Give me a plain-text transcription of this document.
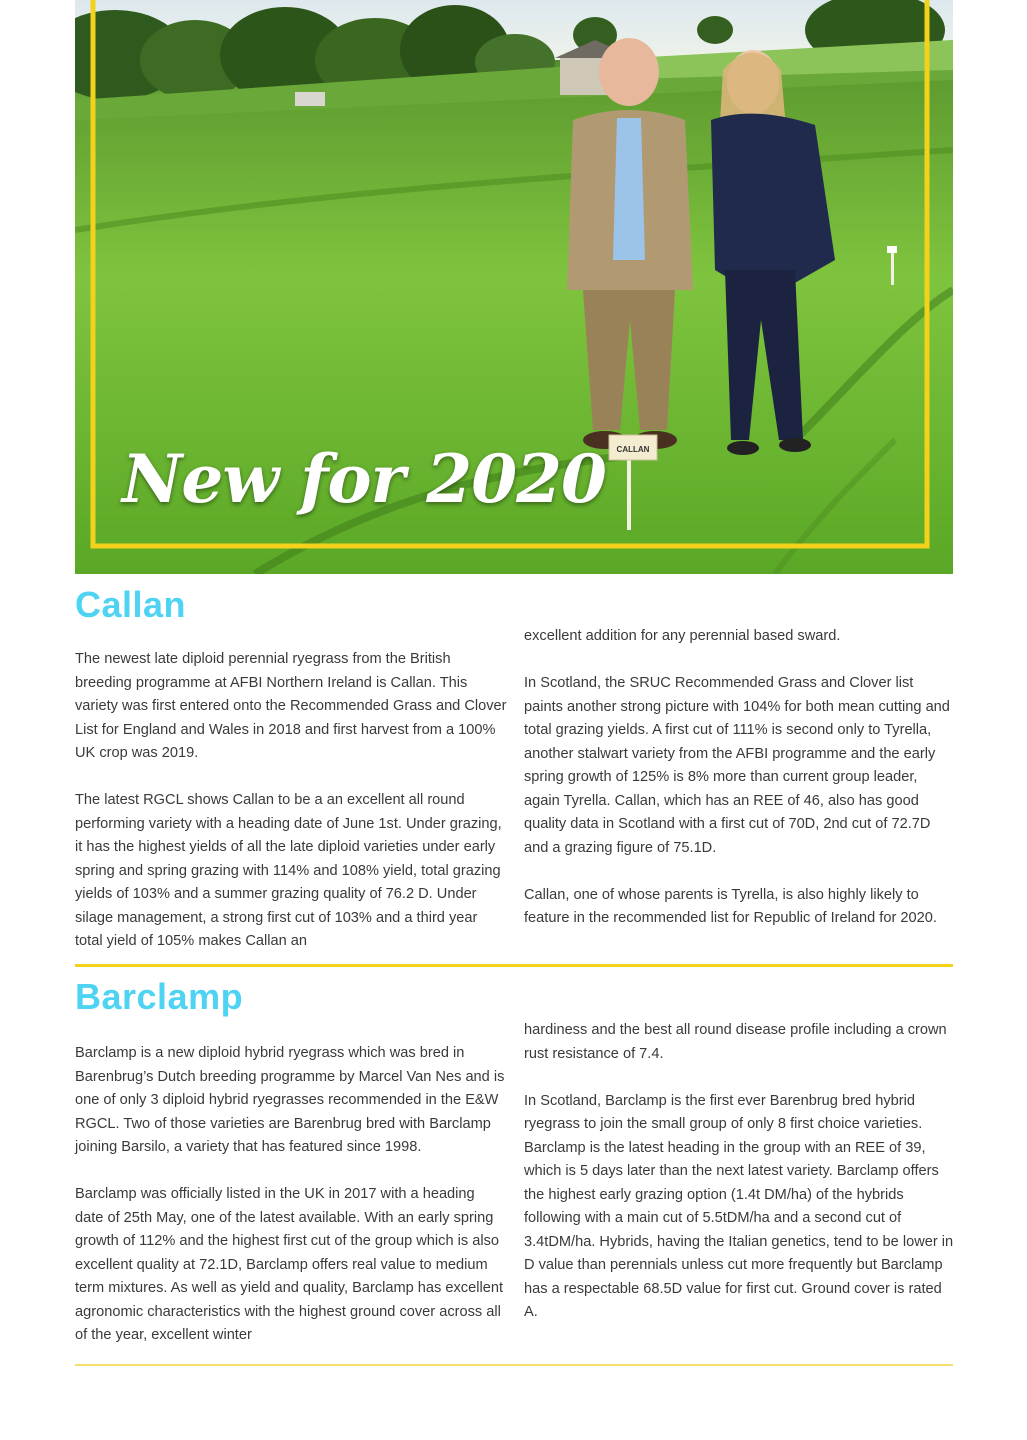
CALLAN
New for 2020
Callan

The newest late diploid perennial ryegrass from the British breeding programme at AFBI Northern Ireland is Callan. This variety was first entered onto the Recommended Grass and Clover List for England and Wales in 2018 and first harvest from a 100% UK crop was 2019.

The latest RGCL shows Callan to be a an excellent all round performing variety with a heading date of June 1st. Under grazing, it has the highest yields of all the late diploid varieties under early spring and spring grazing with 114% and 108% yield, total grazing yields of 103% and a summer grazing quality of 76.2 D. Under silage management, a strong first cut of 103% and a third year total yield of 105% makes Callan an

excellent addition for any perennial based sward.

In Scotland, the SRUC Recommended Grass and Clover list paints another strong picture with 104% for both mean cutting and total grazing yields. A first cut of 111% is second only to Tyrella, another stalwart variety from the AFBI programme and the early spring growth of 125% is 8% more than current group leader, again Tyrella. Callan, which has an REE of 46, also has good quality data in Scotland with a first cut of 70D, 2nd cut of 72.7D and a grazing figure of 75.1D.

Callan, one of whose parents is Tyrella, is also highly likely to feature in the recommended list for Republic of Ireland for 2020.

Barclamp

Barclamp is a new diploid hybrid ryegrass which was bred in Barenbrug’s Dutch breeding programme by Marcel Van Nes and is one of only 3 diploid hybrid ryegrasses recommended in the E&W RGCL. Two of those varieties are Barenbrug bred with Barclamp joining Barsilo, a variety that has featured since 1998.

Barclamp was officially listed in the UK in 2017 with a heading date of 25th May, one of the latest available. With an early spring growth of 112% and the highest first cut of the group which is also excellent quality at 72.1D, Barclamp offers real value to medium term mixtures. As well as yield and quality, Barclamp has excellent agronomic characteristics with the highest ground cover across all of the year, excellent winter

hardiness and the best all round disease profile including a crown rust resistance of 7.4.

In Scotland, Barclamp is the first ever Barenbrug bred hybrid ryegrass to join the small group of only 8 first choice varieties. Barclamp is the latest heading in the group with an REE of 39, which is 5 days later than the next latest variety. Barclamp offers the highest early grazing option (1.4t DM/ha) of the hybrids following with a main cut of 5.5tDM/ha and a second cut of 3.4tDM/ha. Hybrids, having the Italian genetics, tend to be lower in D value than perennials unless cut more frequently but Barclamp has a respectable 68.5D value for first cut. Ground cover is rated A.
